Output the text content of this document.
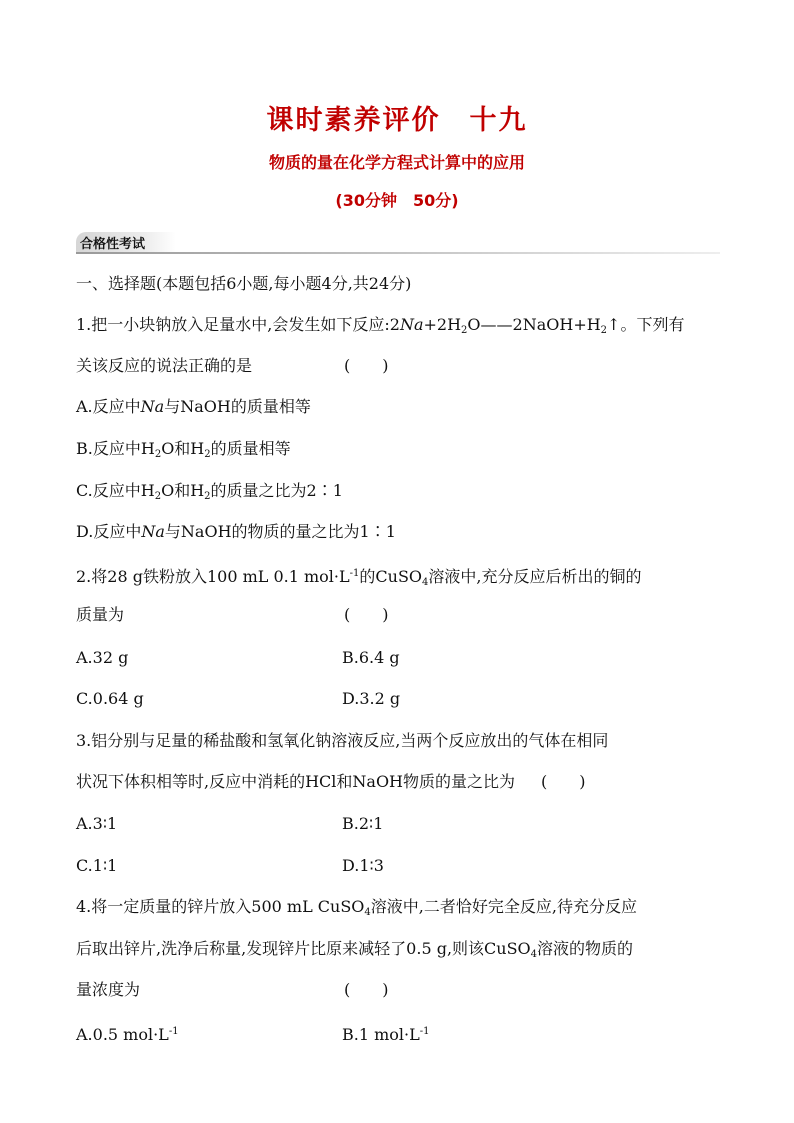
课时素养评价　十九
物质的量在化学方程式计算中的应用
(30分钟　50分)
合格性考试
一、选择题(本题包括6小题,每小题4分,共24分)
1.把一小块钠放入足量水中,会发生如下反应$:2Na+2H_2O——2NaOH+H_2↑$。下列有
关该反应的说法正确的是	(　　)
A.反应中Na与NaOH的质量相等
B.反应中$H_2O$和$H_2$的质量相等
C.反应中$H_2O$和$H_2$的质量之比为2∶1
D.反应中Na与NaOH的物质的量之比为1∶1
2.将28 g铁粉放入100 mL 0.1 $mol\cdot L^{-1}$的CuSO$_4$溶液中,充分反应后析出的铜的
质量为	(　　)
A.32 g	B.6.4 g
C.0.64 g	D.3.2 g
3.铝分别与足量的稀盐酸和氢氧化钠溶液反应,当两个反应放出的气体在相同
状况下体积相等时,反应中消耗的HCl和NaOH物质的量之比为 (　　)
A.3∶1	B.2∶1
C.1∶1	D.1∶3
4.将一定质量的锌片放入500 mL CuSO$_4$溶液中,二者恰好完全反应,待充分反应
后取出锌片,洗净后称量,发现锌片比原来减轻了0.5 g,则该CuSO$_4$溶液的物质的
量浓度为	(　　)
A.0.5 $mol\cdot L^{-1}$	B.1 $mol\cdot L^{-1}$
